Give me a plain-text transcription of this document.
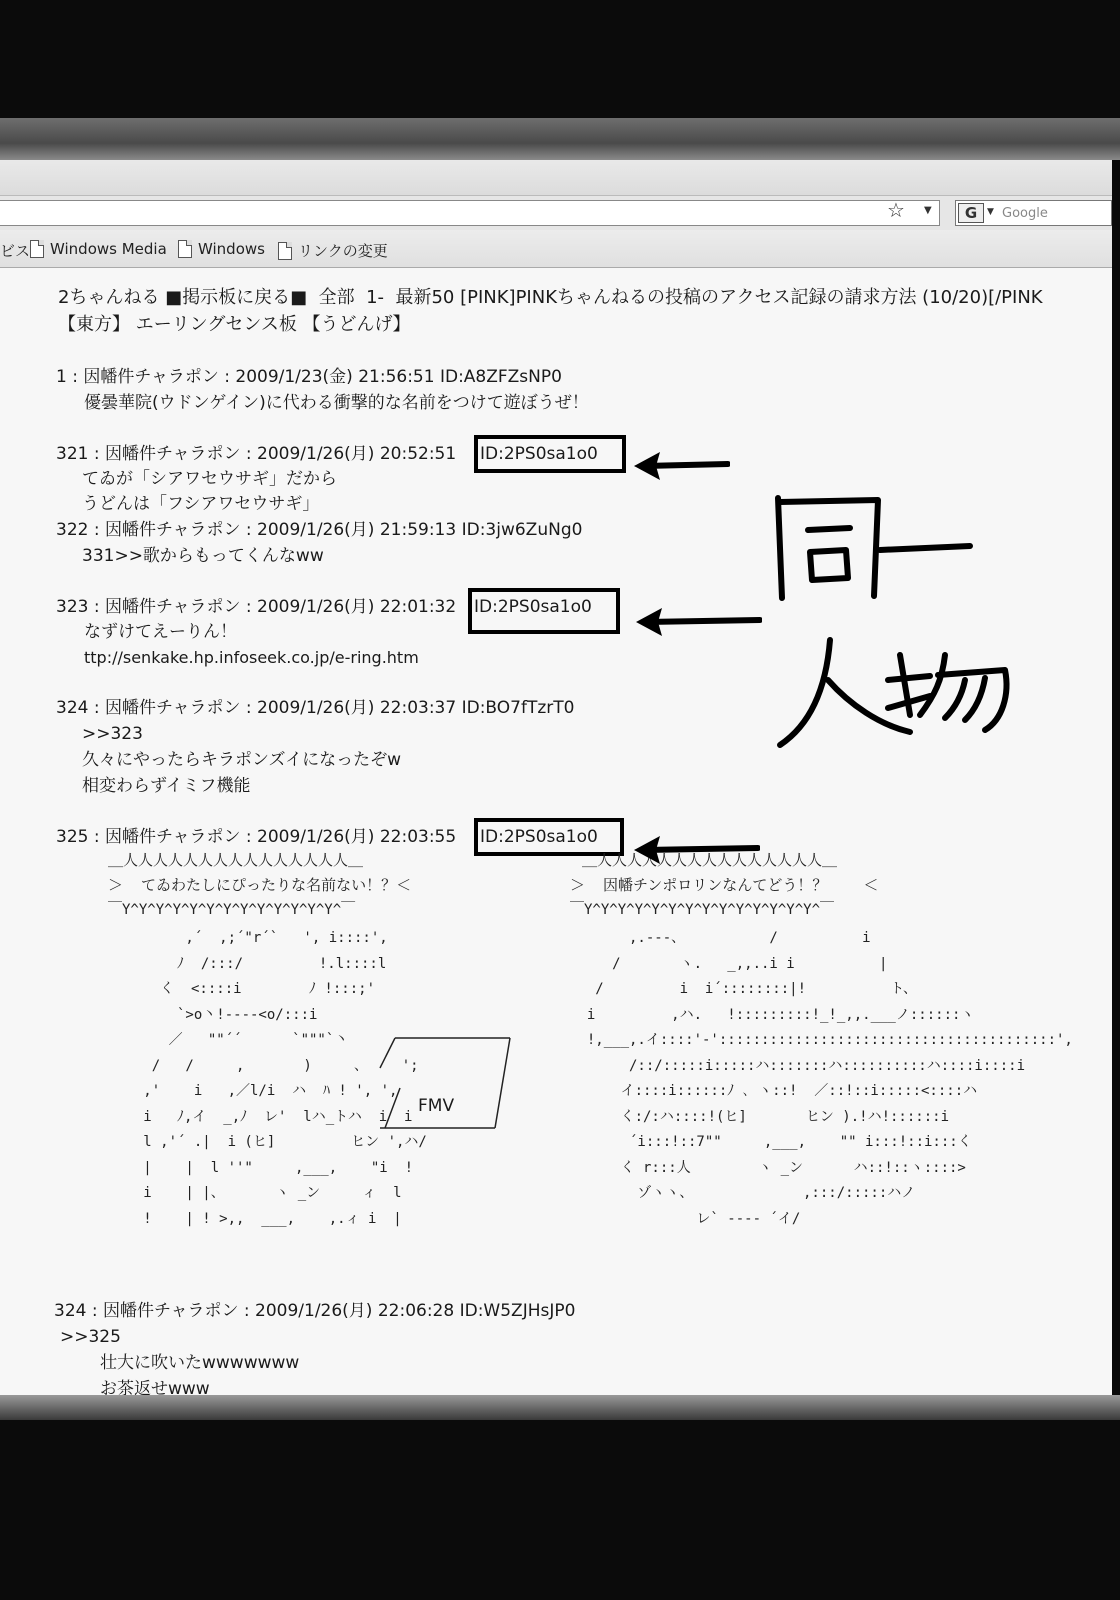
☆ ▼	G	▼ Google
ビス Windows Media Windows リンクの変更
2ちゃんねる ■掲示板に戻る■  全部  1-  最新50 [PINK]PINKちゃんねるの投稿のアクセス記録の請求方法 (10/20)[/PINK
【東方】 エーリングセンス板 【うどんげ】
1 : 因幡件チャラポン : 2009/1/23(金) 21:56:51 ID:A8ZFZsNP0
優曇華院(ウドンゲイン)に代わる衝撃的な名前をつけて遊ぼうぜ！
321 : 因幡件チャラポン : 2009/1/26(月) 20:52:51 ID:2PS0sa1o0
てゐが「シアワセウサギ」だから
うどんは「フシアワセウサギ」
322 : 因幡件チャラポン : 2009/1/26(月) 21:59:13 ID:3jw6ZuNg0
331>>歌からもってくんなww
323 : 因幡件チャラポン : 2009/1/26(月) 22:01:32 ID:2PS0sa1o0
なずけてえーりん！
ttp://senkake.hp.infoseek.co.jp/e-ring.htm
324 : 因幡件チャラポン : 2009/1/26(月) 22:03:37 ID:BO7fTzrT0
>>323
久々にやったらキラポンズイになったぞw
相変わらずイミフ機能
325 : 因幡件チャラポン : 2009/1/26(月) 22:03:55 ID:2PS0sa1o0
＿人人人人人人人人人人人人人人人＿
＞  てゐわたしにぴったりな名前ない！？＜
￣Y^Y^Y^Y^Y^Y^Y^Y^Y^Y^Y^Y^Y^￣
,´  ,;´"r´`   ', i::::',
ﾉ  /:::/         !.l::::l
く  <::::i        ﾉ !:::;'
`>o丶!-‐‐‐<o/:::i
／   ""´´      `"""`丶
/   /     ,       )     、    ';
,'    i   ,／l/i  ハ  ﾊ ! ', ',
i   ﾉ,イ  _,ﾉ  レ'  lハ_トハ  i  i
l ,'´ .|  i (ヒ]         ヒン ',ハ/
|    |  l ''"     ,___,    "i  !
i    | |、      ヽ _ン     ィ  l
!    | ! >,,  ___,    ,.ィ i  |
FMV
＿人人人人人人人人人人人人人人人＿
＞  因幡チンポロリンなんてどう！？    ＜
￣Y^Y^Y^Y^Y^Y^Y^Y^Y^Y^Y^Y^Y^Y^￣
,.-‐-、          /          i
/       ヽ.   _,,..i i          |
/         i  i´::::::::|!          ト、
i         ,ハ.   !:::::::::!_!_,,.___ノ::::::ヽ
!,___,.イ::::'‐'::::::::::::::::::::::::::::::::::::::::',
/::/:::::i:::::ハ:::::::ハ::::::::::ハ::::i::::i
イ::::i::::::ﾉ ､ ヽ::!  ／::!::i:::::<::::ハ
く:/:ハ::::!(ヒ]       ヒン ).!ハ!::::::i
´i:::!::7""     ,___,    "" i:::!::i:::く
く r:::人        ヽ _ン      ハ::!::ヽ::::>
ゾヽヽ、             ,:::/:::::ハノ
レ` ‐‐‐‐ ´イ/
324 : 因幡件チャラポン : 2009/1/26(月) 22:06:28 ID:W5ZJHsJP0
>>325
壮大に吹いたwwwwwww
お茶返せwww
